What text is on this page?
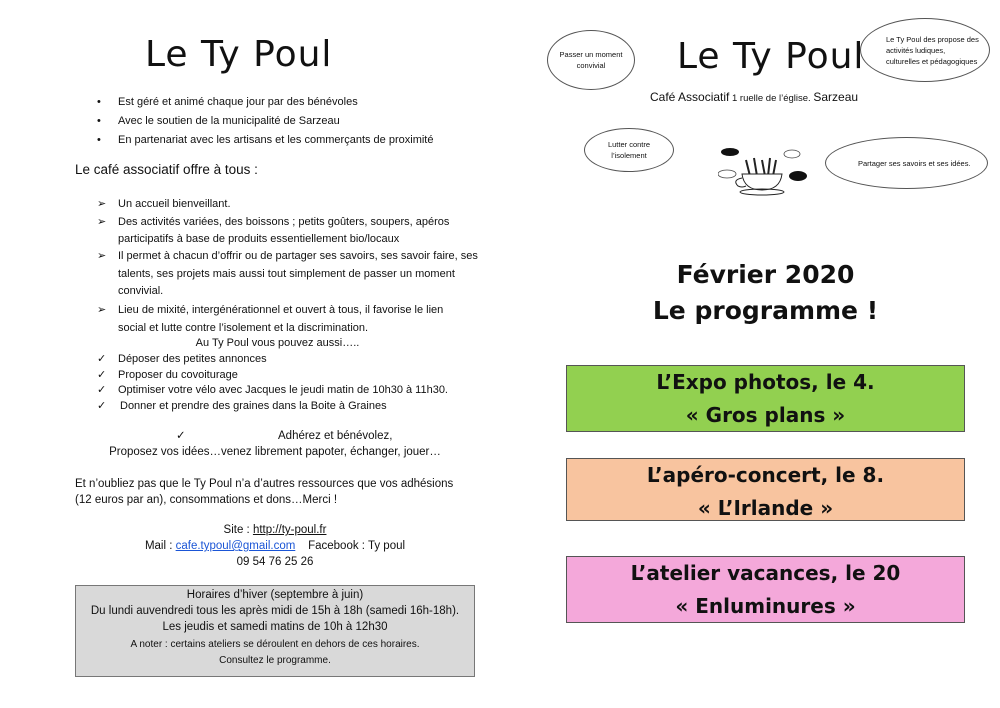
Le Ty Poul
• Est géré et animé chaque jour par des bénévoles
• Avec le soutien de la municipalité de Sarzeau
• En partenariat avec les artisans et les commerçants de proximité
Le café associatif offre à tous :
➢ Un accueil bienveillant.
➢ Des activités variées, des boissons ; petits goûters, soupers, apéros
participatifs à base de produits essentiellement bio/locaux
➢ Il permet à chacun d’offrir ou de partager ses savoirs, ses savoir faire, ses
talents, ses projets mais aussi tout simplement de passer un moment
convivial.
➢ Lieu de mixité, intergénérationnel et ouvert à tous, il favorise le lien
social et lutte contre l’isolement et la discrimination.
Au Ty Poul vous pouvez aussi…..
✓ Déposer des petites annonces
✓ Proposer du covoiturage
✓ Optimiser votre vélo avec Jacques le jeudi matin de 10h30 à 11h30.
✓ Donner et prendre des graines dans la Boite à Graines
✓	Adhérez et bénévolez,
Proposez vos idées…venez librement papoter, échanger, jouer…
Et n’oubliez pas que le Ty Poul n’a d’autres ressources que vos adhésions
(12 euros par an), consommations et dons…Merci !
Site : http://ty-poul.fr
Mail : cafe.typoul@gmail.com Facebook : Ty poul
09 54 76 25 26
Horaires d’hiver (septembre à juin)
Du lundi auvendredi tous les après midi de 15h à 18h (samedi 16h-18h).
Les jeudis et samedi matins de 10h à 12h30
A noter : certains ateliers se déroulent en dehors de ces horaires.
Consultez le programme.
Le Ty Poul
Café Associatif 1 ruelle de l’église. Sarzeau
Passer un moment convivial
Le Ty Poul des propose des activités ludiques, culturelles et pédagogiques
Lutter contre l’isolement
Partager ses savoirs et ses idées.
Février 2020
Le programme !
L’Expo photos, le 4.
« Gros plans »
L’apéro-concert, le 8.
« L’Irlande »
L’atelier vacances, le 20
« Enluminures »
